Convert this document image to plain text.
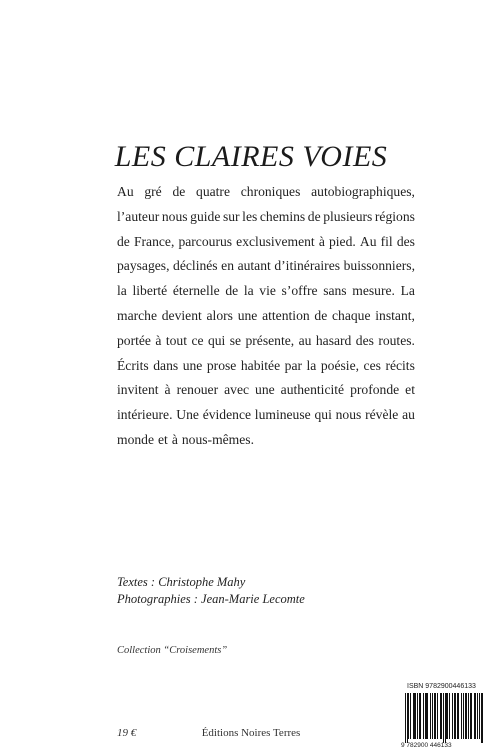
LES CLAIRES VOIES
Au gré de quatre chroniques autobiographiques,
l’auteur nous guide sur les chemins de plusieurs régions
de France, parcourus exclusivement à pied. Au fil des
paysages, déclinés en autant d’itinéraires buissonniers,
la liberté éternelle de la vie s’offre sans mesure. La
marche devient alors une attention de chaque instant,
portée à tout ce qui se présente, au hasard des routes.
Écrits dans une prose habitée par la poésie, ces récits
invitent à renouer avec une authenticité profonde et
intérieure. Une évidence lumineuse qui nous révèle au
monde et à nous-mêmes.
Textes : Christophe Mahy
Photographies : Jean-Marie Lecomte
Collection “Croisements”
19 €	Éditions Noires Terres
ISBN 9782900446133
9 782900 446133
